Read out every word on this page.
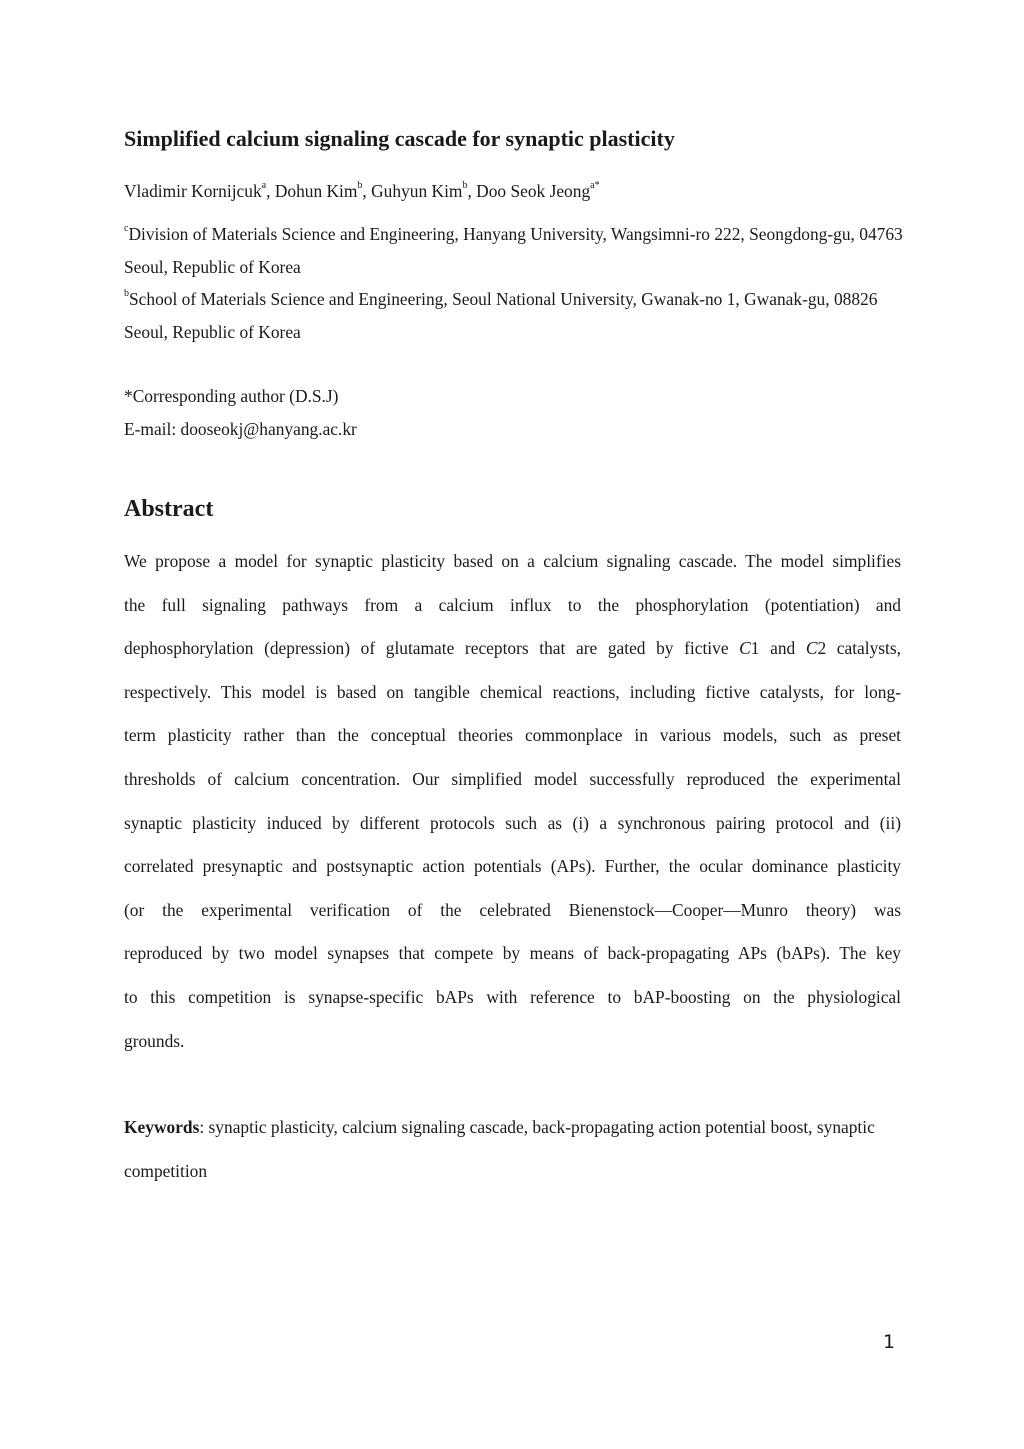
Simplified calcium signaling cascade for synaptic plasticity

Vladimir Kornijcuk$^a$, Dohun Kim$^b$, Guhyun Kim$^b$, Doo Seok Jeong$^{a*}$

$^c$Division of Materials Science and Engineering, Hanyang University, Wangsimni-ro 222, Seongdong-gu, 04763 Seoul, Republic of Korea

$^b$School of Materials Science and Engineering, Seoul National University, Gwanak-no 1, Gwanak-gu, 08826 Seoul, Republic of Korea

*Corresponding author (D.S.J)

E-mail: dooseokj@hanyang.ac.kr

Abstract
We propose a model for synaptic plasticity based on a calcium signaling cascade. The model simplifies
the full signaling pathways from a calcium influx to the phosphorylation (potentiation) and
dephosphorylation (depression) of glutamate receptors that are gated by fictive C1 and C2 catalysts,
respectively. This model is based on tangible chemical reactions, including fictive catalysts, for long-
term plasticity rather than the conceptual theories commonplace in various models, such as preset
thresholds of calcium concentration. Our simplified model successfully reproduced the experimental
synaptic plasticity induced by different protocols such as (i) a synchronous pairing protocol and (ii)
correlated presynaptic and postsynaptic action potentials (APs). Further, the ocular dominance plasticity
(or the experimental verification of the celebrated Bienenstock—Cooper—Munro theory) was
reproduced by two model synapses that compete by means of back-propagating APs (bAPs). The key
to this competition is synapse-specific bAPs with reference to bAP-boosting on the physiological
grounds.

Keywords: synaptic plasticity, calcium signaling cascade, back-propagating action potential boost, synaptic competition

1
